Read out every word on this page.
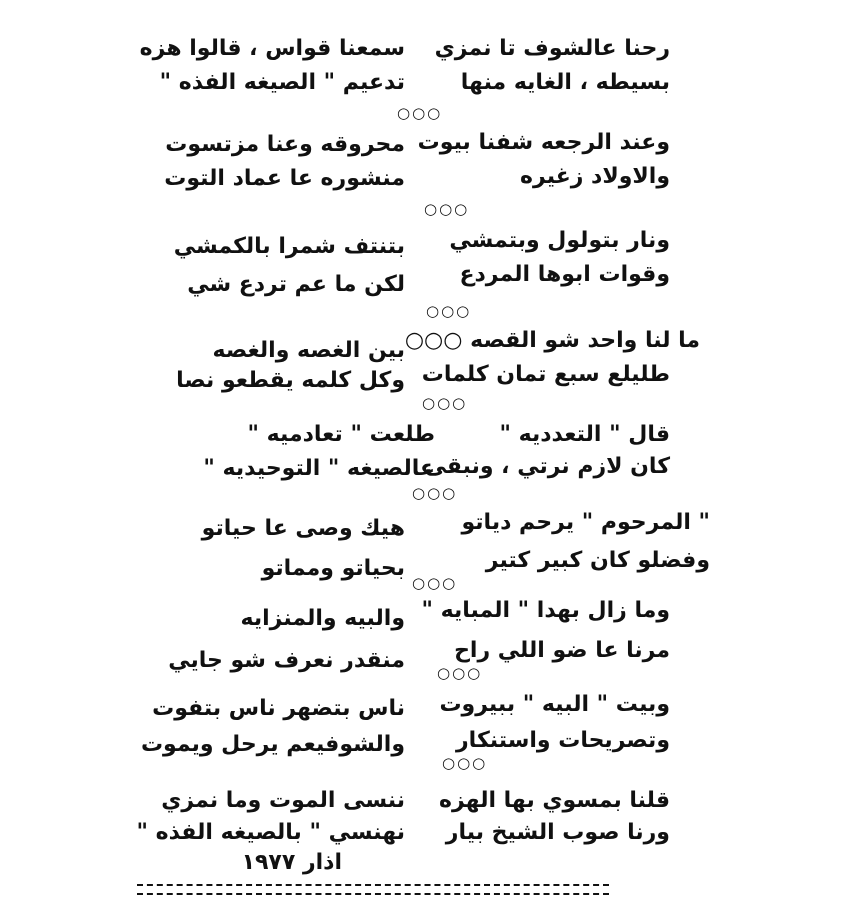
رحنا عالشوف تا نمزي
بسيطه ، الغايه منها
سمعنا قواس ، قالوا هزه
تدعيم " الصيغه الفذه "
○○○
وعند الرجعه شفنا بيوت
والاولاد زغيره
محروقه وعنا مزتسوت
منشوره عا عماد التوت
○○○
ونار بتولول وبتمشي
وقوات ابوها المردع
بتنتف شمرا بالكمشي
لكن ما عم تردع شي
○○○
ما لنا واحد شو القصه ○○○
طليلع سبع تمان كلمات
بين الغصه والغصه
وكل كلمه يقطعو نصا
○○○
قال " التعدديه "
كان لازم نرتي ، ونبقى
طلعت " تعادميه "
عالصيغه " التوحيديه "
○○○
" المرحوم " يرحم دياتو
وفضلو كان كبير كتير
هيك وصى عا حياتو
بحياتو ومماتو
○○○
وما زال بهدا " المبايه "
مرنا عا ضو اللي راح
والبيه والمنزايه
منقدر نعرف شو جايي ○○○
وبيت " البيه " ببيروت
وتصريحات واستنكار
ناس بتضهر ناس بتفوت
والشوفيعم يرحل ويموت
○○○
قلنا بمسوي بها الهزه
ورنا صوب الشيخ بيار
ننسى الموت وما نمزي
نهنسي " بالصيغه الفذه "
اذار ١٩٧٧
